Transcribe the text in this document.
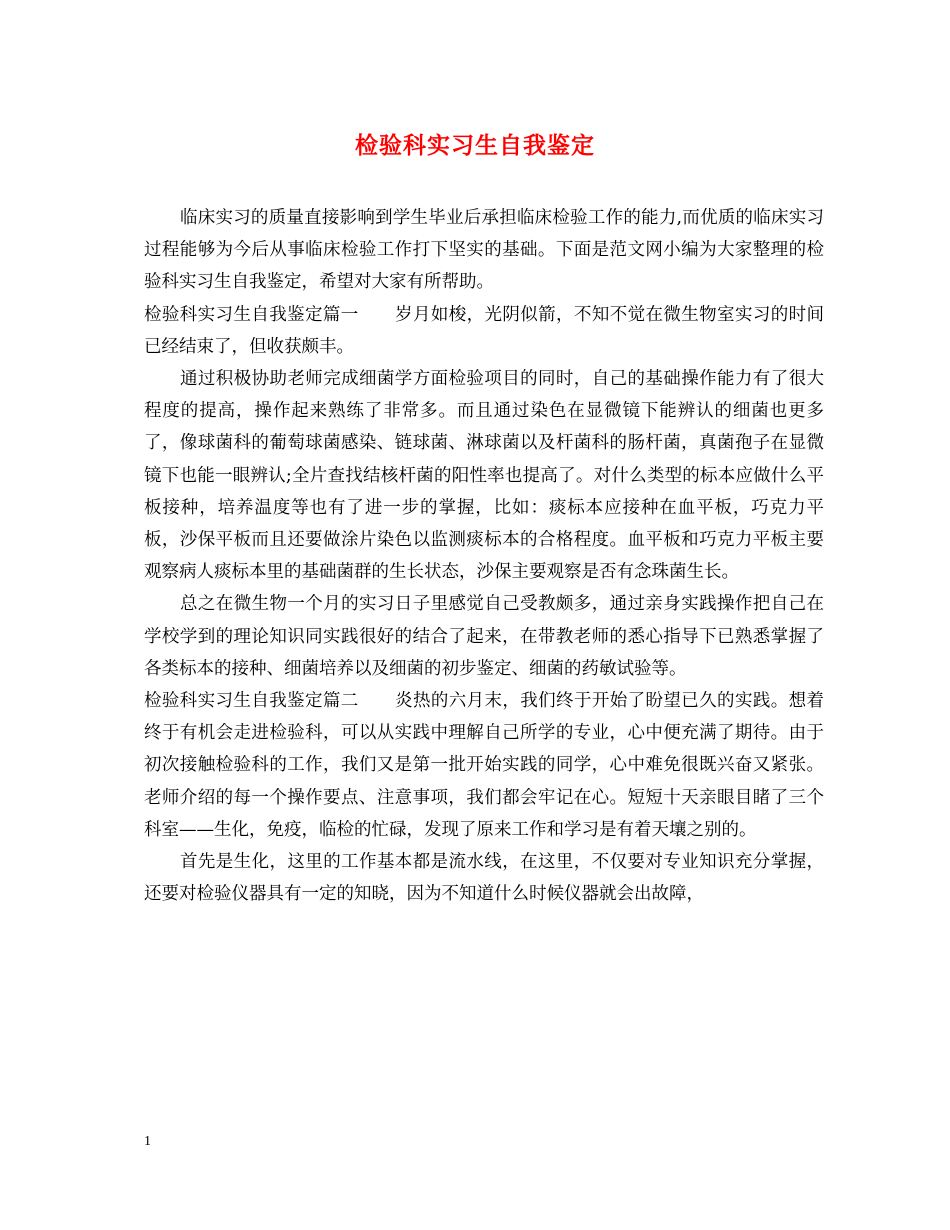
检验科实习生自我鉴定

临床实习的质量直接影响到学生毕业后承担临床检验工作的能力,而优质的临床实习过程能够为今后从事临床检验工作打下坚实的基础。下面是范文网小编为大家整理的检验科实习生自我鉴定，希望对大家有所帮助。

检验科实习生自我鉴定篇一 岁月如梭，光阴似箭，不知不觉在微生物室实习的时间已经结束了，但收获颇丰。

通过积极协助老师完成细菌学方面检验项目的同时，自己的基础操作能力有了很大程度的提高，操作起来熟练了非常多。而且通过染色在显微镜下能辨认的细菌也更多了，像球菌科的葡萄球菌感染、链球菌、淋球菌以及杆菌科的肠杆菌，真菌孢子在显微镜下也能一眼辨认;全片查找结核杆菌的阳性率也提高了。对什么类型的标本应做什么平板接种，培养温度等也有了进一步的掌握，比如：痰标本应接种在血平板，巧克力平板，沙保平板而且还要做涂片染色以监测痰标本的合格程度。血平板和巧克力平板主要观察病人痰标本里的基础菌群的生长状态，沙保主要观察是否有念珠菌生长。

总之在微生物一个月的实习日子里感觉自己受教颇多，通过亲身实践操作把自己在学校学到的理论知识同实践很好的结合了起来，在带教老师的悉心指导下已熟悉掌握了各类标本的接种、细菌培养以及细菌的初步鉴定、细菌的药敏试验等。

检验科实习生自我鉴定篇二 炎热的六月末，我们终于开始了盼望已久的实践。想着终于有机会走进检验科，可以从实践中理解自己所学的专业，心中便充满了期待。由于初次接触检验科的工作，我们又是第一批开始实践的同学，心中难免很既兴奋又紧张。老师介绍的每一个操作要点、注意事项，我们都会牢记在心。短短十天亲眼目睹了三个科室——生化，免疫，临检的忙碌，发现了原来工作和学习是有着天壤之别的。

首先是生化，这里的工作基本都是流水线，在这里，不仅要对专业知识充分掌握，还要对检验仪器具有一定的知晓，因为不知道什么时候仪器就会出故障，

1
